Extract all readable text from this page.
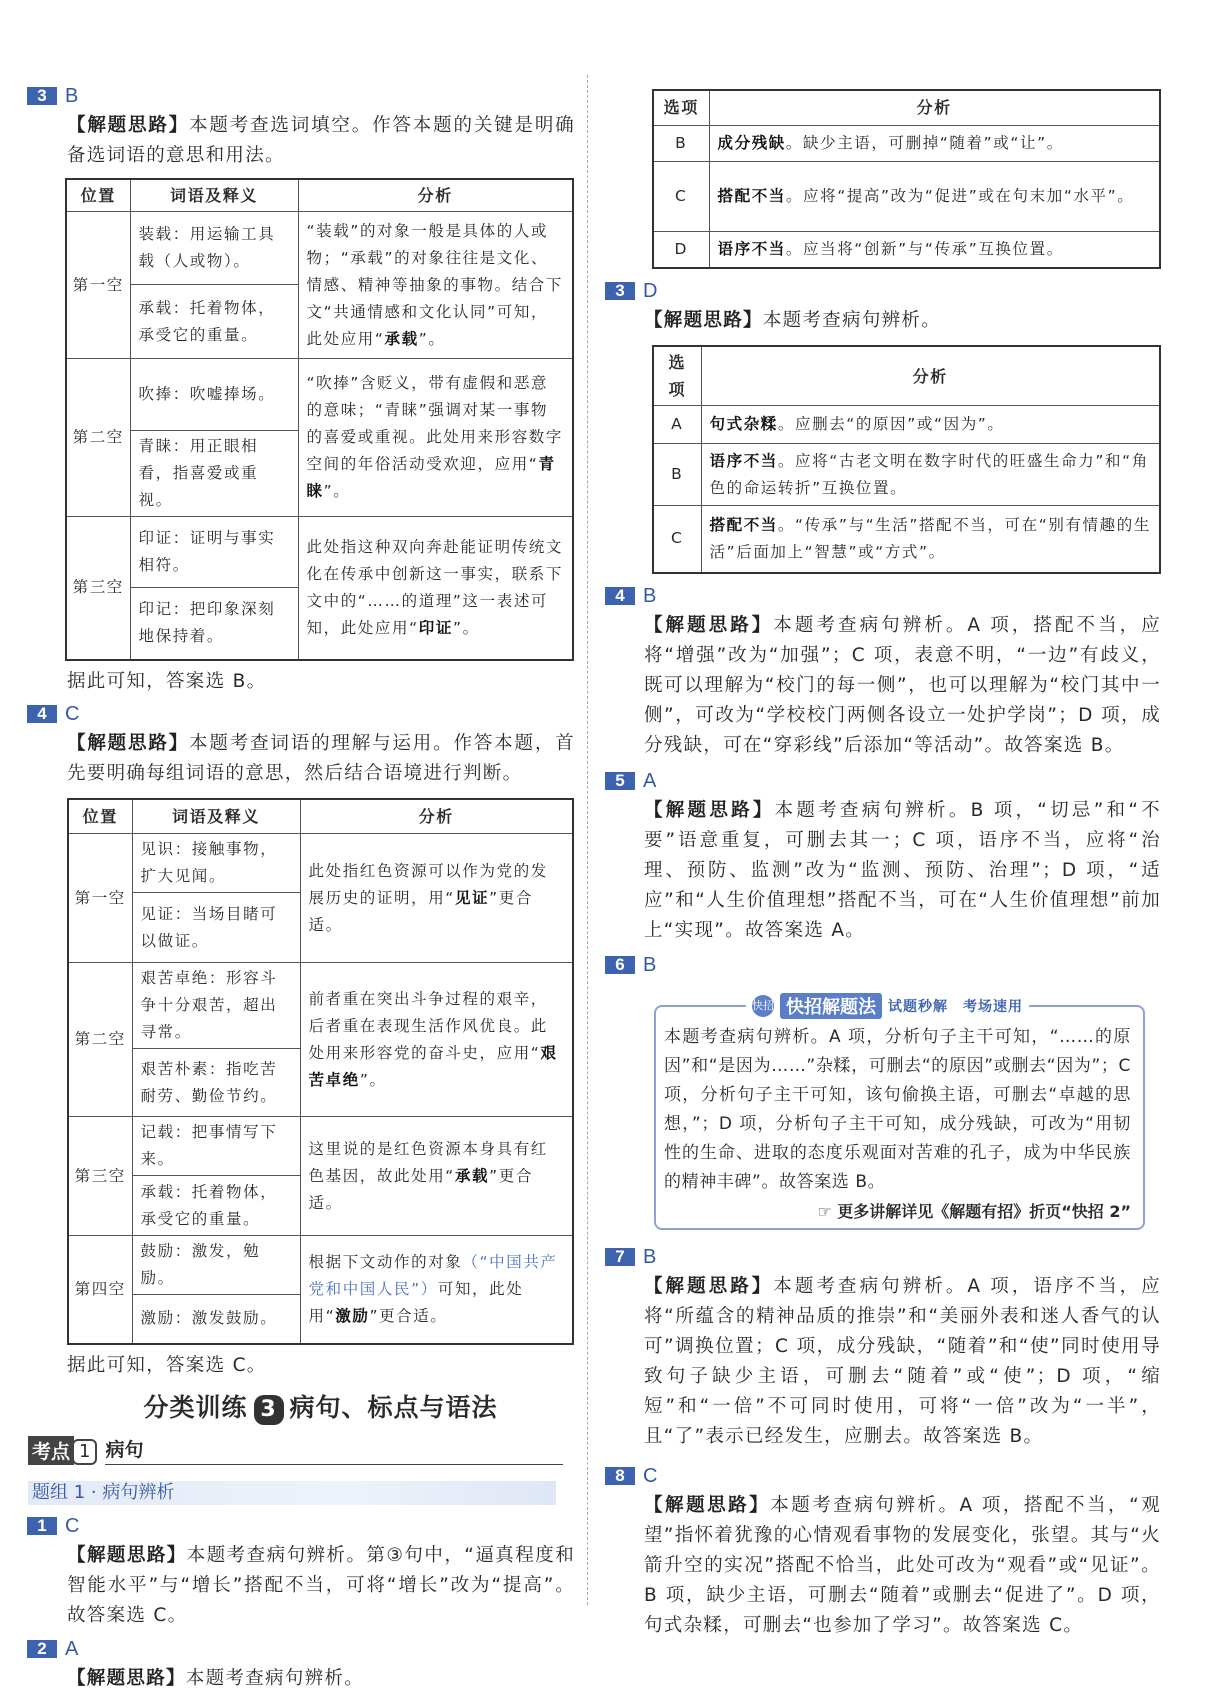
3 B

【解题思路】本题考查选词填空。作答本题的关键是明确备选词语的意思和用法。

位置	词语及释义	分析
第一空	装载：用运输工具载（人或物）。	“装载”的对象一般是具体的人或物；“承载”的对象往往是文化、情感、精神等抽象的事物。结合下文“共通情感和文化认同”可知，此处应用“承载”。
	承载：托着物体，承受它的重量。	
第二空	吹捧：吹嘘捧场。	“吹捧”含贬义，带有虚假和恶意的意味；“青睐”强调对某一事物的喜爱或重视。此处用来形容数字空间的年俗活动受欢迎，应用“青睐”。
	青睐：用正眼相看，指喜爱或重视。	
第三空	印证：证明与事实相符。	此处指这种双向奔赴能证明传统文化在传承中创新这一事实，联系下文中的“……的道理”这一表述可知，此处应用“印证”。
	印记：把印象深刻地保持着。	

据此可知，答案选 B。

4 C

【解题思路】本题考查词语的理解与运用。作答本题，首先要明确每组词语的意思，然后结合语境进行判断。

位置	词语及释义	分析
第一空	见识：接触事物，扩大见闻。	此处指红色资源可以作为党的发展历史的证明，用“见证”更合适。
	见证：当场目睹可以做证。	
第二空	艰苦卓绝：形容斗争十分艰苦，超出寻常。	前者重在突出斗争过程的艰辛，后者重在表现生活作风优良。此处用来形容党的奋斗史，应用“艰苦卓绝”。
	艰苦朴素：指吃苦耐劳、勤俭节约。	
第三空	记载：把事情写下来。	这里说的是红色资源本身具有红色基因，故此处用“承载”更合适。
	承载：托着物体，承受它的重量。	
第四空	鼓励：激发，勉励。	根据下文动作的对象（“中国共产党和中国人民”）可知，此处用“激励”更合适。
	激励：激发鼓励。	

据此可知，答案选 C。

分类训练 3 病句、标点与语法
考点 1 病句
题组 1 · 病句辨析
1 C

【解题思路】本题考查病句辨析。第③句中，“逼真程度和智能水平”与“增长”搭配不当，可将“增长”改为“提高”。故答案选 C。

2 A

【解题思路】本题考查病句辨析。

选项	分析
B	成分残缺。缺少主语，可删掉“随着”或“让”。
C	搭配不当。应将“提高”改为“促进”或在句末加“水平”。
D	语序不当。应当将“创新”与“传承”互换位置。
3 D

【解题思路】本题考查病句辨析。

选项	分析
A	句式杂糅。应删去“的原因”或“因为”。
B	语序不当。应将“古老文明在数字时代的旺盛生命力”和“角色的命运转折”互换位置。
C	搭配不当。“传承”与“生活”搭配不当，可在“别有情趣的生活”后面加上“智慧”或“方式”。
4 B

【解题思路】本题考查病句辨析。A 项，搭配不当，应将“增强”改为“加强”；C 项，表意不明，“一边”有歧义，既可以理解为“校门的每一侧”，也可以理解为“校门其中一侧”，可改为“学校校门两侧各设立一处护学岗”；D 项，成分残缺，可在“穿彩线”后添加“等活动”。故答案选 B。

5 A

【解题思路】本题考查病句辨析。B 项，“切忌”和“不要”语意重复，可删去其一；C 项，语序不当，应将“治理、预防、监测”改为“监测、预防、治理”；D 项，“适应”和“人生价值理想”搭配不当，可在“人生价值理想”前加上“实现”。故答案选 A。

6 B
快招 快招解题法 试题秒解　考场速用

本题考查病句辨析。A 项，分析句子主干可知，“……的原因”和“是因为……”杂糅，可删去“的原因”或删去“因为”；C 项，分析句子主干可知，该句偷换主语，可删去“卓越的思想，”；D 项，分析句子主干可知，成分残缺，可改为“用韧性的生命、进取的态度乐观面对苦难的孔子，成为中华民族的精神丰碑”。故答案选 B。

☞ 更多讲解详见《解题有招》折页“快招 2”

7 B

【解题思路】本题考查病句辨析。A 项，语序不当，应将“所蕴含的精神品质的推崇”和“美丽外表和迷人香气的认可”调换位置；C 项，成分残缺，“随着”和“使”同时使用导致句子缺少主语，可删去“随着”或“使”；D 项，“缩短”和“一倍”不可同时使用，可将“一倍”改为“一半”，且“了”表示已经发生，应删去。故答案选 B。

8 C

【解题思路】本题考查病句辨析。A 项，搭配不当，“观望”指怀着犹豫的心情观看事物的发展变化，张望。其与“火箭升空的实况”搭配不恰当，此处可改为“观看”或“见证”。B 项，缺少主语，可删去“随着”或删去“促进了”。D 项，句式杂糅，可删去“也参加了学习”。故答案选 C。
